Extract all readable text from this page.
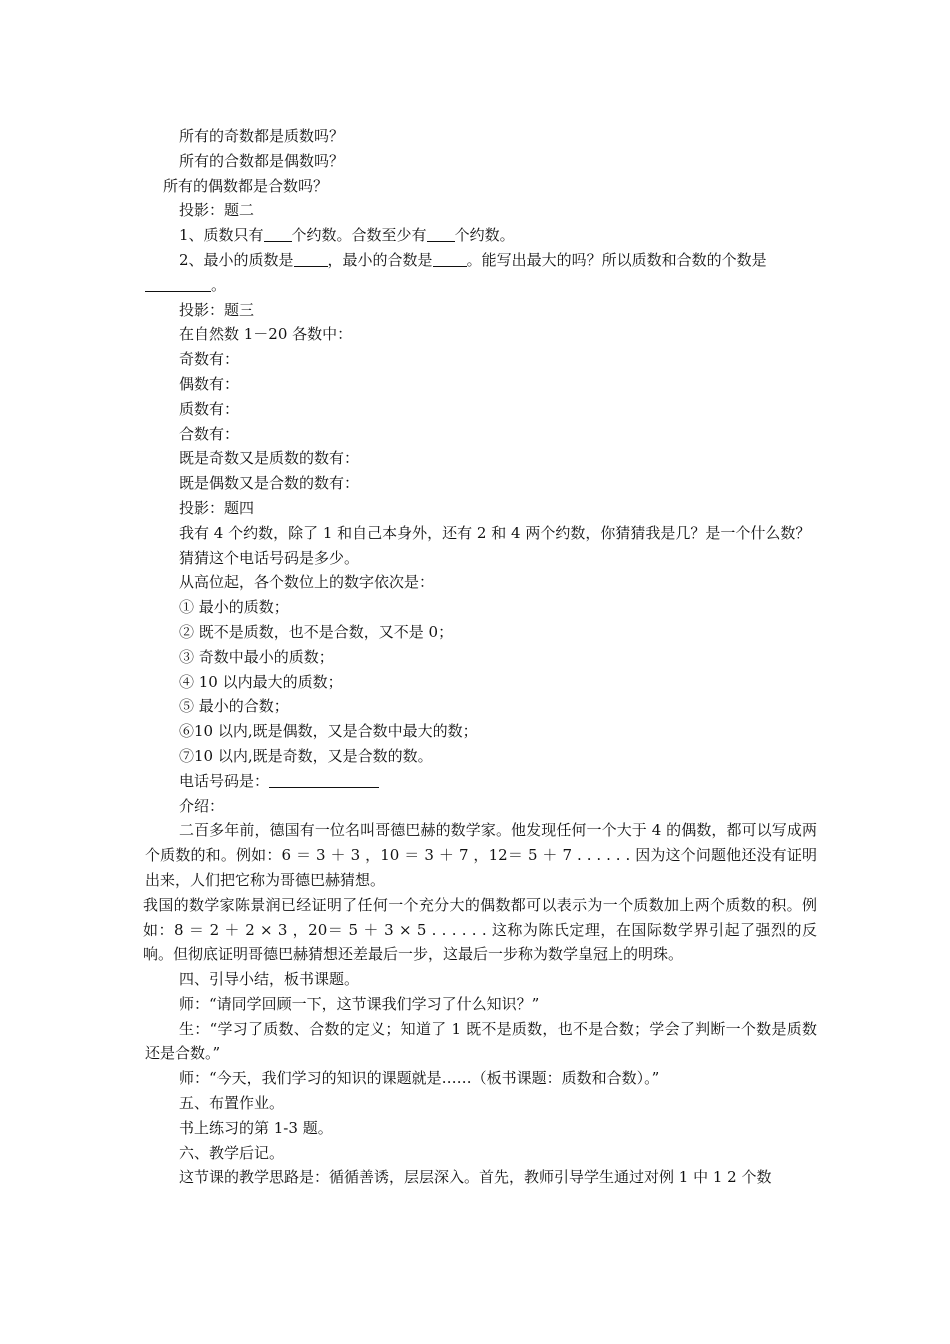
所有的奇数都是质数吗？
所有的合数都是偶数吗？
所有的偶数都是合数吗？
投影：题二
1、质数只有 个约数。合数至少有 个约数。
2、最小的质数是 ，最小的合数是 。能写出最大的吗？所以质数和合数的个数是
。
投影：题三
在自然数 1－20 各数中：
奇数有：
偶数有：
质数有：
合数有：
既是奇数又是质数的数有：
既是偶数又是合数的数有：
投影：题四
我有 4 个约数，除了 1 和自己本身外，还有 2 和 4 两个约数，你猜猜我是几？是一个什么数？
猜猜这个电话号码是多少。
从高位起，各个数位上的数字依次是：
① 最小的质数；
② 既不是质数，也不是合数，又不是 0；
③ 奇数中最小的质数；
④ 10 以内最大的质数；
⑤ 最小的合数；
⑥10 以内,既是偶数，又是合数中最大的数；
⑦10 以内,既是奇数，又是合数的数。
电话号码是：
介绍：
二百多年前，德国有一位名叫哥德巴赫的数学家。他发现任何一个大于 4 的偶数，都可以写成两个质数的和。例如：6 ＝ 3 ＋ 3 ，10 ＝ 3 ＋ 7 ，12＝ 5 ＋ 7 . . . . . . 因为这个问题他还没有证明出来，人们把它称为哥德巴赫猜想。
我国的数学家陈景润已经证明了任何一个充分大的偶数都可以表示为一个质数加上两个质数的积。例如：8 ＝ 2 ＋ 2 × 3 ，20＝ 5 ＋ 3 × 5 . . . . . . 这称为陈氏定理，在国际数学界引起了强烈的反响。但彻底证明哥德巴赫猜想还差最后一步，这最后一步称为数学皇冠上的明珠。
四、引导小结，板书课题。
师：“请同学回顾一下，这节课我们学习了什么知识？”
生：“学习了质数、合数的定义；知道了 1 既不是质数，也不是合数；学会了判断一个数是质数还是合数。”
师：“今天，我们学习的知识的课题就是……（板书课题：质数和合数）。”
五、布置作业。
书上练习的第 1-3 题。
六、教学后记。
这节课的教学思路是：循循善诱，层层深入。首先，教师引导学生通过对例 1 中 1 2 个数
